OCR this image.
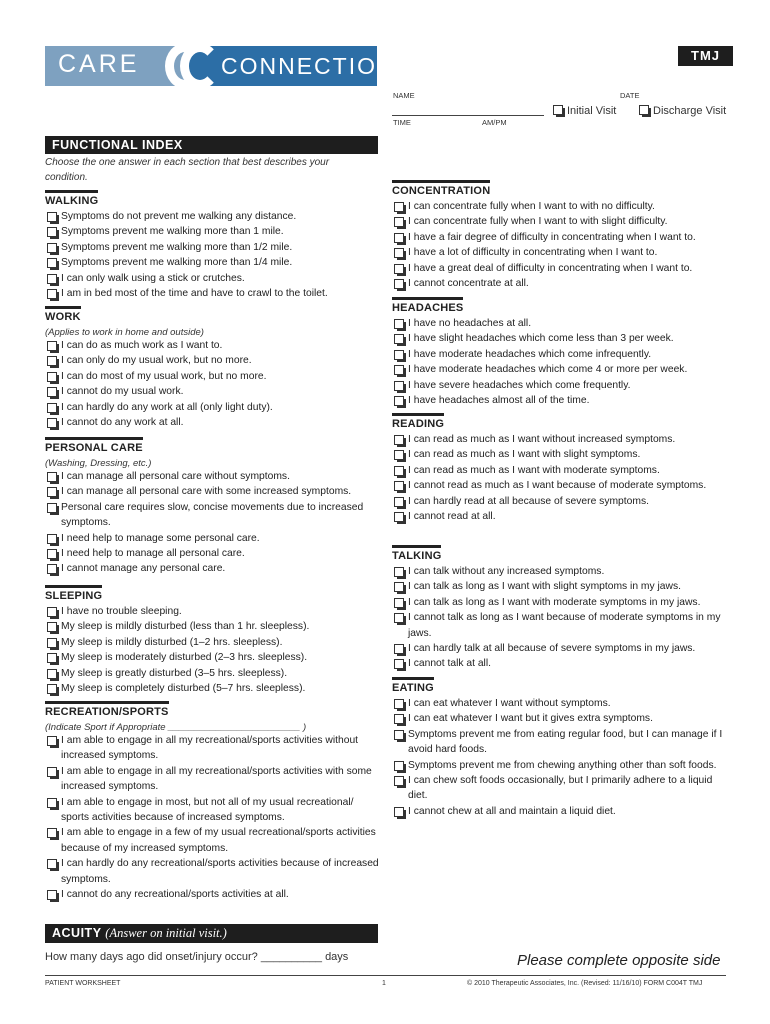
CARE	CONNECTIONS	TMJ
NAME	DATE
Initial Visit	Discharge Visit
TIME	AM/PM
FUNCTIONAL INDEX
Choose the one answer in each section that best describes your
condition.
WALKING
Symptoms do not prevent me walking any distance.
Symptoms prevent me walking more than 1 mile.
Symptoms prevent me walking more than 1/2 mile.
Symptoms prevent me walking more than 1/4 mile.
I can only walk using a stick or crutches.
I am in bed most of the time and have to crawl to the toilet.
WORK
(Applies to work in home and outside)
I can do as much work as I want to.
I can only do my usual work, but no more.
I can do most of my usual work, but no more.
I cannot do my usual work.
I can hardly do any work at all (only light duty).
I cannot do any work at all.
PERSONAL CARE
(Washing, Dressing, etc.)
I can manage all personal care without symptoms.
I can manage all personal care with some increased symptoms.
Personal care requires slow, concise movements due to increased symptoms.
I need help to manage some personal care.
I need help to manage all personal care.
I cannot manage any personal care.
SLEEPING
I have no trouble sleeping.
My sleep is mildly disturbed (less than 1 hr. sleepless).
My sleep is mildly disturbed (1–2 hrs. sleepless).
My sleep is moderately disturbed (2–3 hrs. sleepless).
My sleep is greatly disturbed (3–5 hrs. sleepless).
My sleep is completely disturbed (5–7 hrs. sleepless).
RECREATION/SPORTS
(Indicate Sport if Appropriate _________________________ )
I am able to engage in all my recreational/sports activities without increased symptoms.
I am able to engage in all my recreational/sports activities with some increased symptoms.
I am able to engage in most, but not all of my usual recreational/ sports activities because of increased symptoms.
I am able to engage in a few of my usual recreational/sports activities because of my increased symptoms.
I can hardly do any recreational/sports activities because of increased symptoms.
I cannot do any recreational/sports activities at all.
CONCENTRATION
I can concentrate fully when I want to with no difficulty.
I can concentrate fully when I want to with slight difficulty.
I have a fair degree of difficulty in concentrating when I want to.
I have a lot of difficulty in concentrating when I want to.
I have a great deal of difficulty in concentrating when I want to.
I cannot concentrate at all.
HEADACHES
I have no headaches at all.
I have slight headaches which come less than 3 per week.
I have moderate headaches which come infrequently.
I have moderate headaches which come 4 or more per week.
I have severe headaches which come frequently.
I have headaches almost all of the time.
READING
I can read as much as I want without increased symptoms.
I can read as much as I want with slight symptoms.
I can read as much as I want with moderate symptoms.
I cannot read as much as I want because of moderate symptoms.
I can hardly read at all because of severe symptoms.
I cannot read at all.
TALKING
I can talk without any increased symptoms.
I can talk as long as I want with slight symptoms in my jaws.
I can talk as long as I want with moderate symptoms in my jaws.
I cannot talk as long as I want because of moderate symptoms in my jaws.
I can hardly talk at all because of severe symptoms in my jaws.
I cannot talk at all.
EATING
I can eat whatever I want without symptoms.
I can eat whatever I want but it gives extra symptoms.
Symptoms prevent me from eating regular food, but I can manage if I avoid hard foods.
Symptoms prevent me from chewing anything other than soft foods.
I can chew soft foods occasionally, but I primarily adhere to a liquid diet.
I cannot chew at all and maintain a liquid diet.
ACUITY (Answer on initial visit.)
How many days ago did onset/injury occur? __________ days	Please complete opposite side
PATIENT WORKSHEET	1	© 2010 Therapeutic Associates, Inc. (Revised: 11/16/10) FORM C004T TMJ
